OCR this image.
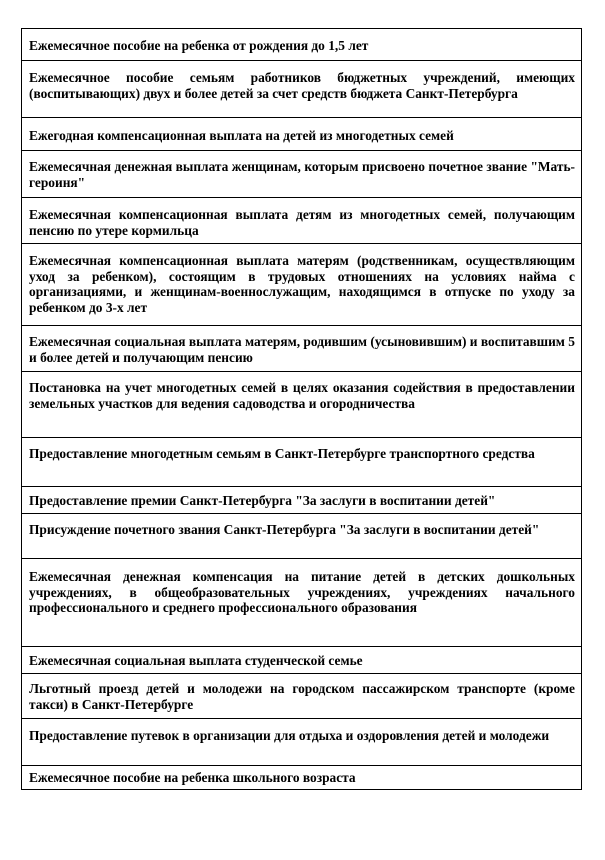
Ежемесячное пособие на ребенка от рождения до 1,5 лет
Ежемесячное пособие семьям работников бюджетных учреждений, имеющих (воспитывающих) двух и более детей за счет средств бюджета Санкт-Петербурга
Ежегодная компенсационная выплата на детей из многодетных семей
Ежемесячная денежная выплата женщинам, которым присвоено почетное звание "Мать-героиня"
Ежемесячная компенсационная выплата детям из многодетных семей, получающим пенсию по утере кормильца
Ежемесячная компенсационная выплата матерям (родственникам, осуществляющим уход за ребенком), состоящим в трудовых отношениях на условиях найма с организациями, и женщинам-военнослужащим, находящимся в отпуске по уходу за ребенком до 3-х лет
Ежемесячная социальная выплата матерям, родившим (усыновившим) и воспитавшим 5 и более детей и получающим пенсию
Постановка на учет многодетных семей в целях оказания содействия в предоставлении земельных участков для ведения садоводства и огородничества
Предоставление многодетным семьям в Санкт-Петербурге транспортного средства
Предоставление премии Санкт-Петербурга "За заслуги в воспитании детей"
Присуждение почетного звания Санкт-Петербурга "За заслуги в воспитании детей"
Ежемесячная денежная компенсация на питание детей в детских дошкольных учреждениях, в общеобразовательных учреждениях, учреждениях начального профессионального и среднего профессионального образования
Ежемесячная социальная выплата студенческой семье
Льготный проезд детей и молодежи на городском пассажирском транспорте (кроме такси) в Санкт-Петербурге
Предоставление путевок в организации для отдыха и оздоровления детей и молодежи
Ежемесячное пособие на ребенка школьного возраста
